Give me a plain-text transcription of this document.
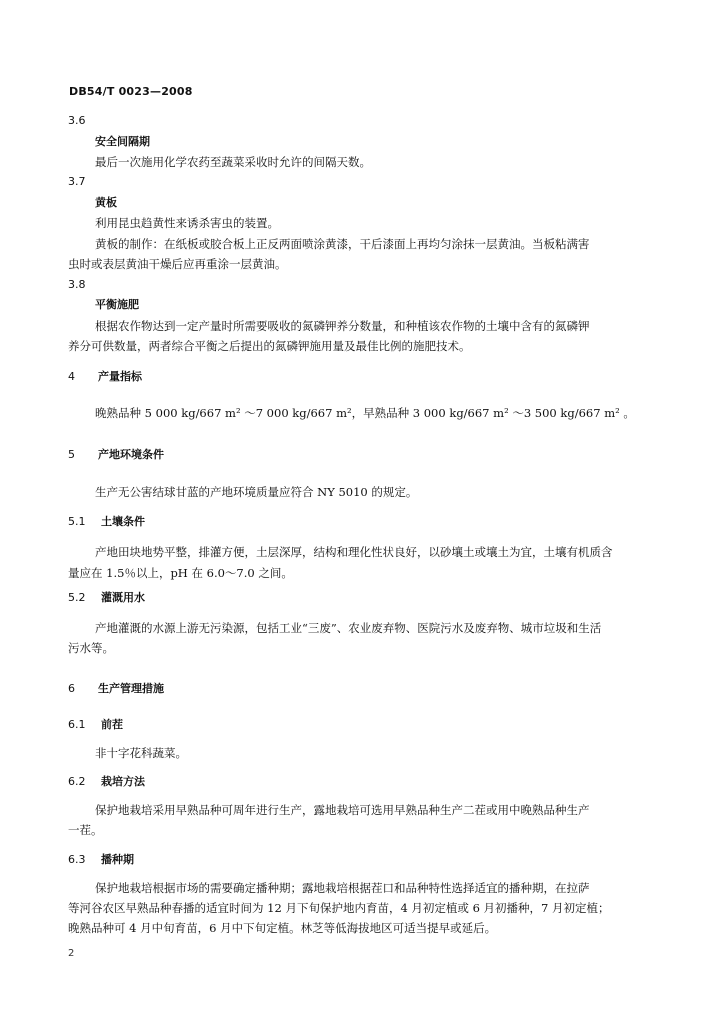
DB54/T 0023—2008
3.6
安全间隔期
最后一次施用化学农药至蔬菜采收时允许的间隔天数。
3.7
黄板
利用昆虫趋黄性来诱杀害虫的装置。
黄板的制作：在纸板或胶合板上正反两面喷涂黄漆，干后漆面上再均匀涂抹一层黄油。当板粘满害
虫时或表层黄油干燥后应再重涂一层黄油。
3.8
平衡施肥
根据农作物达到一定产量时所需要吸收的氮磷钾养分数量，和种植该农作物的土壤中含有的氮磷钾
养分可供数量，两者综合平衡之后提出的氮磷钾施用量及最佳比例的施肥技术。
4 产量指标
晚熟品种 5 000 kg/667 m² ～7 000 kg/667 m²，早熟品种 3 000 kg/667 m² ～3 500 kg/667 m² 。
5 产地环境条件
生产无公害结球甘蓝的产地环境质量应符合 NY 5010 的规定。
5.1 土壤条件
产地田块地势平整，排灌方便，土层深厚，结构和理化性状良好，以砂壤土或壤土为宜，土壤有机质含
量应在 1.5％以上，pH 在 6.0～7.0 之间。
5.2 灌溉用水
产地灌溉的水源上游无污染源，包括工业“三废”、农业废弃物、医院污水及废弃物、城市垃圾和生活
污水等。
6 生产管理措施
6.1 前茬
非十字花科蔬菜。
6.2 栽培方法
保护地栽培采用早熟品种可周年进行生产，露地栽培可选用早熟品种生产二茬或用中晚熟品种生产
一茬。
6.3 播种期
保护地栽培根据市场的需要确定播种期；露地栽培根据茬口和品种特性选择适宜的播种期，在拉萨
等河谷农区早熟品种春播的适宜时间为 12 月下旬保护地内育苗，4 月初定植或 6 月初播种，7 月初定植；
晚熟品种可 4 月中旬育苗，6 月中下旬定植。林芝等低海拔地区可适当提早或延后。
2
